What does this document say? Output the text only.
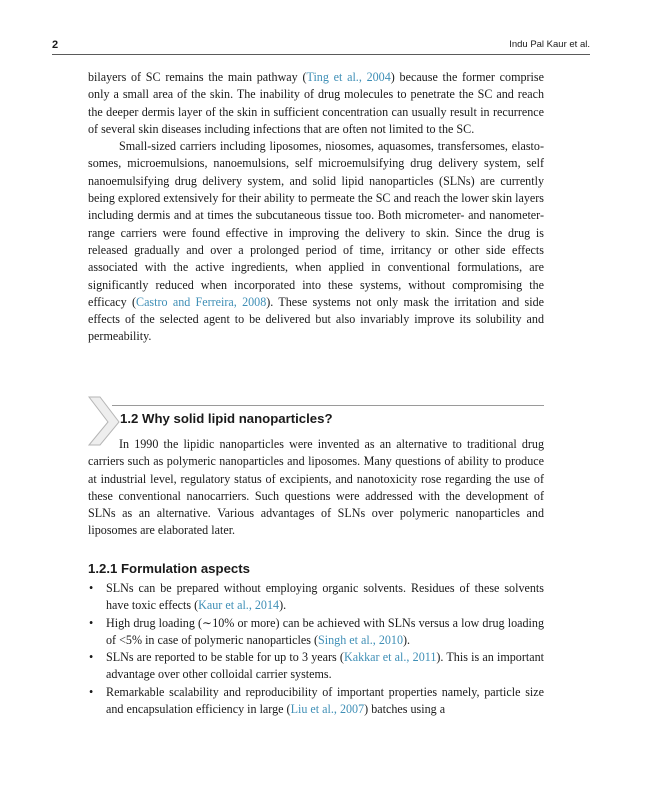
2	Indu Pal Kaur et al.

bilayers of SC remains the main pathway (Ting et al., 2004) because the former comprise only a small area of the skin. The inability of drug molecules to penetrate the SC and reach the deeper dermis layer of the skin in sufficient concentration can usually result in recurrence of several skin diseases including infections that are often not limited to the SC.

Small-sized carriers including liposomes, niosomes, aquasomes, transfersomes, elastosomes, microemulsions, nanoemulsions, self microemulsifying drug delivery system, self nanoemulsifying drug delivery system, and solid lipid nanoparticles (SLNs) are currently being explored extensively for their ability to permeate the SC and reach the lower skin layers including dermis and at times the subcutaneous tissue too. Both micrometer- and nanometer-range carriers were found effective in improving the delivery to skin. Since the drug is released gradually and over a prolonged period of time, irritancy or other side effects associated with the active ingredients, when applied in conventional formulations, are significantly reduced when incorporated into these systems, without compromising the efficacy (Castro and Ferreira, 2008). These systems not only mask the irritation and side effects of the selected agent to be delivered but also invariably improve its solubility and permeability.

1.2 Why solid lipid nanoparticles?

In 1990 the lipidic nanoparticles were invented as an alternative to traditional drug carriers such as polymeric nanoparticles and liposomes. Many questions of ability to produce at industrial level, regulatory status of excipients, and nanotoxicity rose regarding the use of these conventional nanocarriers. Such questions were addressed with the development of SLNs as an alternative. Various advantages of SLNs over polymeric nanoparticles and liposomes are elaborated later.

1.2.1 Formulation aspects
• SLNs can be prepared without employing organic solvents. Residues of these solvents have toxic effects (Kaur et al., 2014).
• High drug loading (∼10% or more) can be achieved with SLNs versus a low drug loading of <5% in case of polymeric nanoparticles (Singh et al., 2010).
• SLNs are reported to be stable for up to 3 years (Kakkar et al., 2011). This is an important advantage over other colloidal carrier systems.
• Remarkable scalability and reproducibility of important properties namely, particle size and encapsulation efficiency in large (Liu et al., 2007) batches using a
